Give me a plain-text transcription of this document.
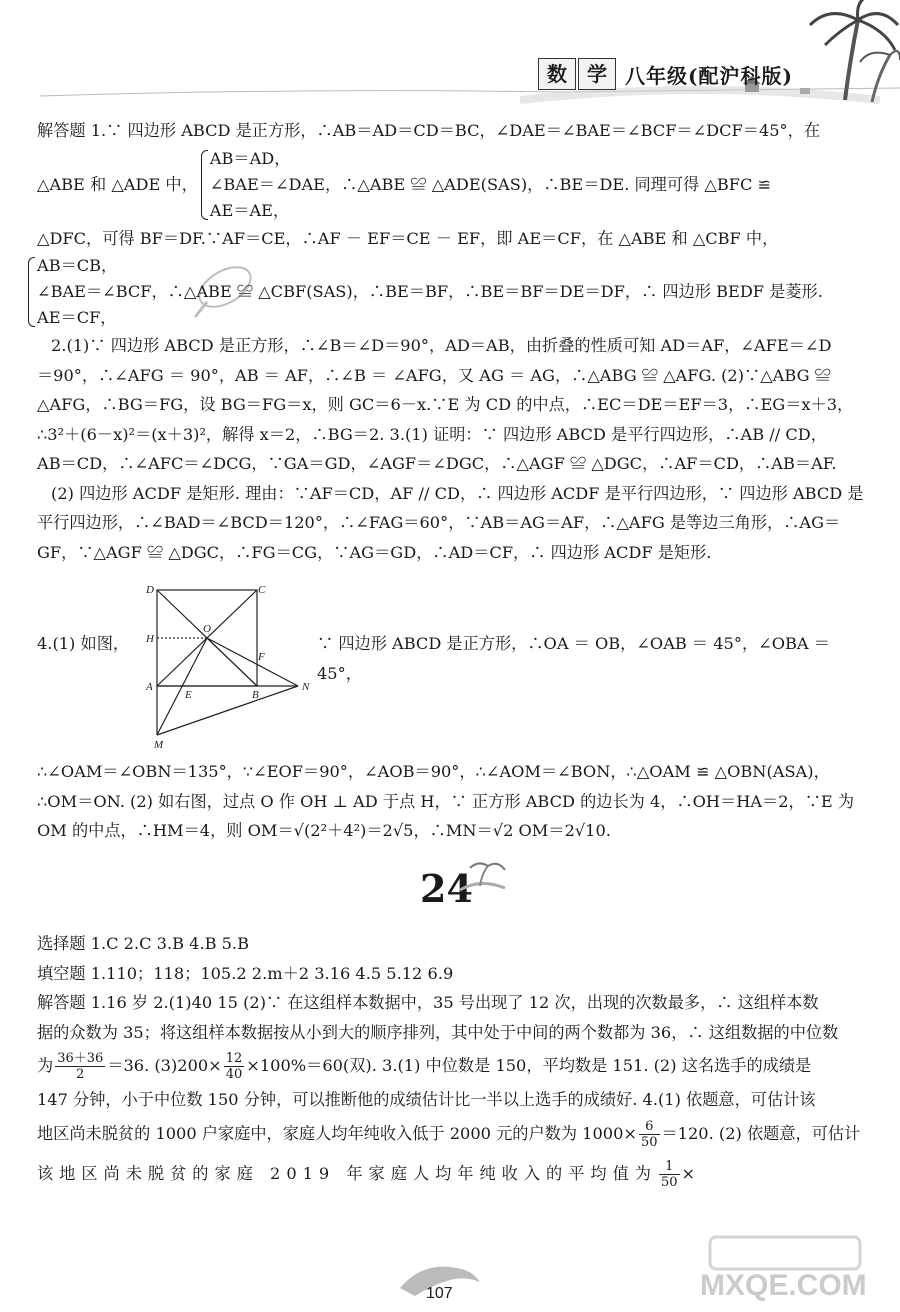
数	学 八年级(配沪科版)

解答题 1.∵ 四边形 ABCD 是正方形，∴AB＝AD＝CD＝BC，∠DAE＝∠BAE＝∠BCF＝∠DCF＝45°，在

△ABE 和 △ADE 中，
AB＝AD，
∠BAE＝∠DAE，∴△ABE ≌ △ADE(SAS)，∴BE＝DE. 同理可得 △BFC ≌
AE＝AE，

△DFC，可得 BF＝DF.∵AF＝CE，∴AF － EF＝CE － EF，即 AE＝CF，在 △ABE 和 △CBF 中，

AB＝CB，
∠BAE＝∠BCF，∴△ABE ≌ △CBF(SAS)，∴BE＝BF，∴BE＝BF＝DE＝DF，∴ 四边形 BEDF 是菱形.
AE＝CF，

2.(1)∵ 四边形 ABCD 是正方形，∴∠B＝∠D＝90°，AD＝AB，由折叠的性质可知 AD＝AF，∠AFE＝∠D

＝90°，∴∠AFG ＝ 90°，AB ＝ AF，∴∠B ＝ ∠AFG，又 AG ＝ AG，∴△ABG ≌ △AFG. (2)∵△ABG ≌

△AFG，∴BG＝FG，设 BG＝FG＝x，则 GC＝6－x.∵E 为 CD 的中点，∴EC＝DE＝EF＝3，∴EG＝x＋3，

∴3²＋(6－x)²＝(x＋3)²，解得 x＝2，∴BG＝2. 3.(1) 证明：∵ 四边形 ABCD 是平行四边形，∴AB // CD，

AB＝CD，∴∠AFC＝∠DCG，∵GA＝GD，∠AGF＝∠DGC，∴△AGF ≌ △DGC，∴AF＝CD，∴AB＝AF.

(2) 四边形 ACDF 是矩形. 理由：∵AF＝CD，AF // CD，∴ 四边形 ACDF 是平行四边形，∵ 四边形 ABCD 是

平行四边形，∴∠BAD＝∠BCD＝120°，∴∠FAG＝60°，∵AB＝AG＝AF，∴△AFG 是等边三角形，∴AG＝

GF，∵△AGF ≌ △DGC，∴FG＝CG，∵AG＝GD，∴AD＝CF，∴ 四边形 ACDF 是矩形.

4.(1) 如图，	∵ 四边形 ABCD 是正方形，∴OA ＝ OB，∠OAB ＝ 45°，∠OBA ＝ 45°，

∴∠OAM＝∠OBN＝135°，∵∠EOF＝90°，∠AOB＝90°，∴∠AOM＝∠BON，∴△OAM ≌ △OBN(ASA)，

∴OM＝ON. (2) 如右图，过点 O 作 OH ⊥ AD 于点 H，∵ 正方形 ABCD 的边长为 4，∴OH＝HA＝2，∵E 为

OM 的中点，∴HM＝4，则 OM＝√(2²＋4²)＝2√5，∴MN＝√2 OM＝2√10.

D	C
H
O
F
A
E	B
N
M
24

选择题 1.C 2.C 3.B 4.B 5.B

填空题 1.110；118；105.2 2.m＋2 3.16 4.5 5.12 6.9

解答题 1.16 岁 2.(1)40 15 (2)∵ 在这组样本数据中，35 号出现了 12 次，出现的次数最多，∴ 这组样本数

据的众数为 35；将这组样本数据按从小到大的顺序排列，其中处于中间的两个数都为 36，∴ 这组数据的中位数

为 $\frac{36+36}{2} =36$. $(3)200\times \frac{12}{40} \times 100\%=60$(双). 3.(1) 中位数是 150，平均数是 151. (2) 这名选手的成绩是

147 分钟，小于中位数 150 分钟，可以推断他的成绩估计比一半以上选手的成绩好. 4.(1) 依题意，可估计该

地区尚未脱贫的 1000 户家庭中，家庭人均年纯收入低于 2000 元的户数为 $1000\times \frac{6}{50} =120$. (2) 依题意，可估计

该地区尚未脱贫的家庭 2019 年家庭人均年纯收入的平均值为 $\frac{1}{50}$ ×

107	MXQE.COM
